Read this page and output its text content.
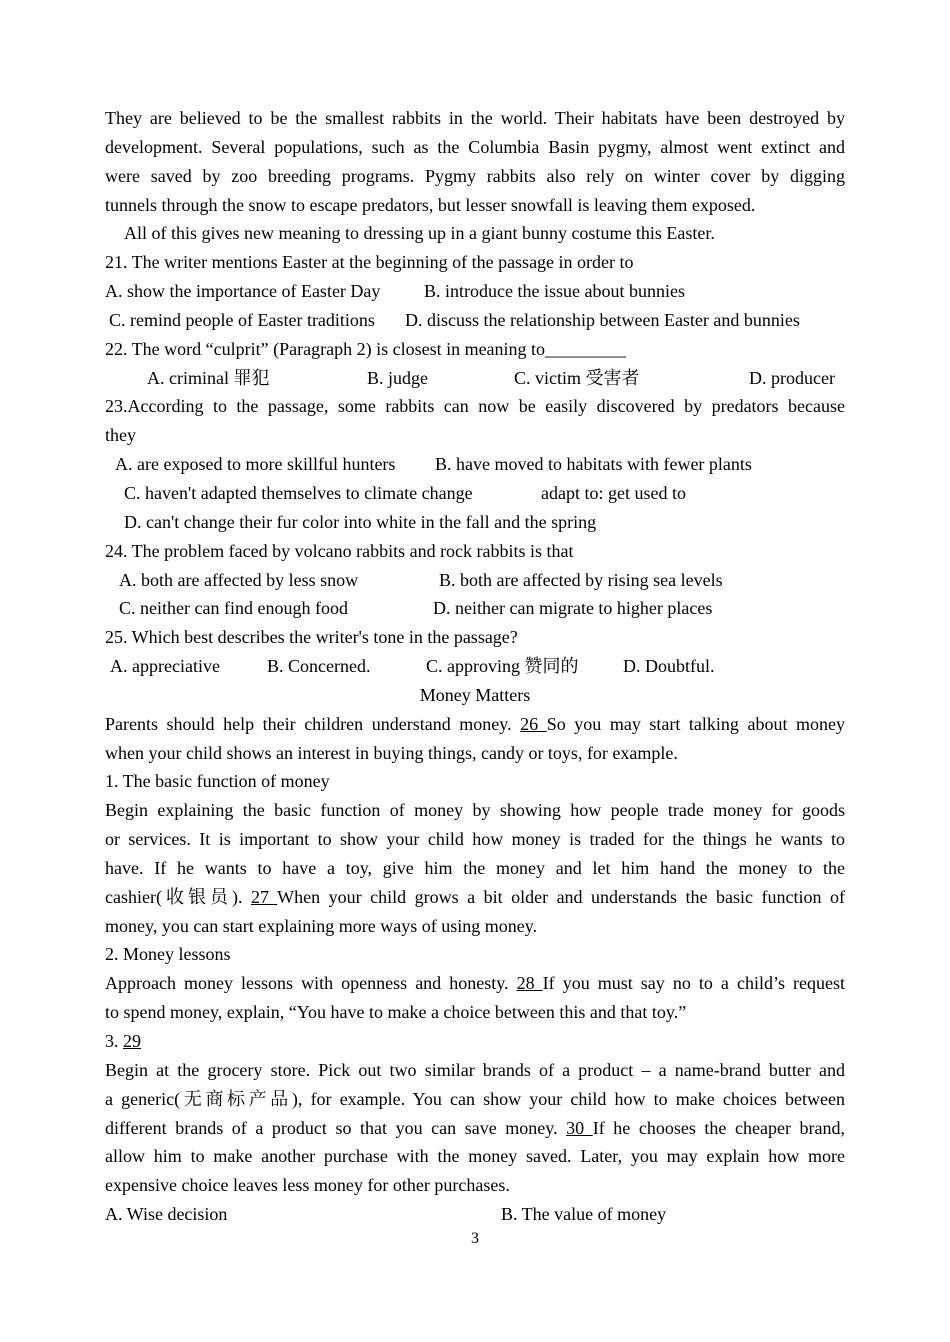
They are believed to be the smallest rabbits in the world. Their habitats have been destroyed by
development. Several populations, such as the Columbia Basin pygmy, almost went extinct and
were saved by zoo breeding programs. Pygmy rabbits also rely on winter cover by digging
tunnels through the snow to escape predators, but lesser snowfall is leaving them exposed.
All of this gives new meaning to dressing up in a giant bunny costume this Easter.
21. The writer mentions Easter at the beginning of the passage in order to
A. show the importance of Easter Day	B. introduce the issue about bunnies
C. remind people of Easter traditions	D. discuss the relationship between Easter and bunnies
22. The word “culprit” (Paragraph 2) is closest in meaning to_________
A. criminal 罪犯	B. judge	C. victim 受害者	D. producer
23.According to the passage, some rabbits can now be easily discovered by predators because
they
A. are exposed to more skillful hunters	B. have moved to habitats with fewer plants
C. haven't adapted themselves to climate change	adapt to: get used to
D. can't change their fur color into white in the fall and the spring
24. The problem faced by volcano rabbits and rock rabbits is that
A. both are affected by less snow	B. both are affected by rising sea levels
C. neither can find enough food	D. neither can migrate to higher places
25. Which best describes the writer's tone in the passage?
A. appreciative	B. Concerned.	C. approving 赞同的	D. Doubtful.
Money Matters
Parents should help their children understand money. 26 So you may start talking about money
when your child shows an interest in buying things, candy or toys, for example.
1. The basic function of money
Begin explaining the basic function of money by showing how people trade money for goods
or services. It is important to show your child how money is traded for the things he wants to
have. If he wants to have a toy, give him the money and let him hand the money to the
cashier(收银员). 27 When your child grows a bit older and understands the basic function of
money, you can start explaining more ways of using money.
2. Money lessons
Approach money lessons with openness and honesty. 28 If you must say no to a child’s request
to spend money, explain, “You have to make a choice between this and that toy.”
3. 29
Begin at the grocery store. Pick out two similar brands of a product – a name-brand butter and
a generic(无商标产品), for example. You can show your child how to make choices between
different brands of a product so that you can save money. 30 If he chooses the cheaper brand,
allow him to make another purchase with the money saved. Later, you may explain how more
expensive choice leaves less money for other purchases.
A. Wise decision	B. The value of money
3
